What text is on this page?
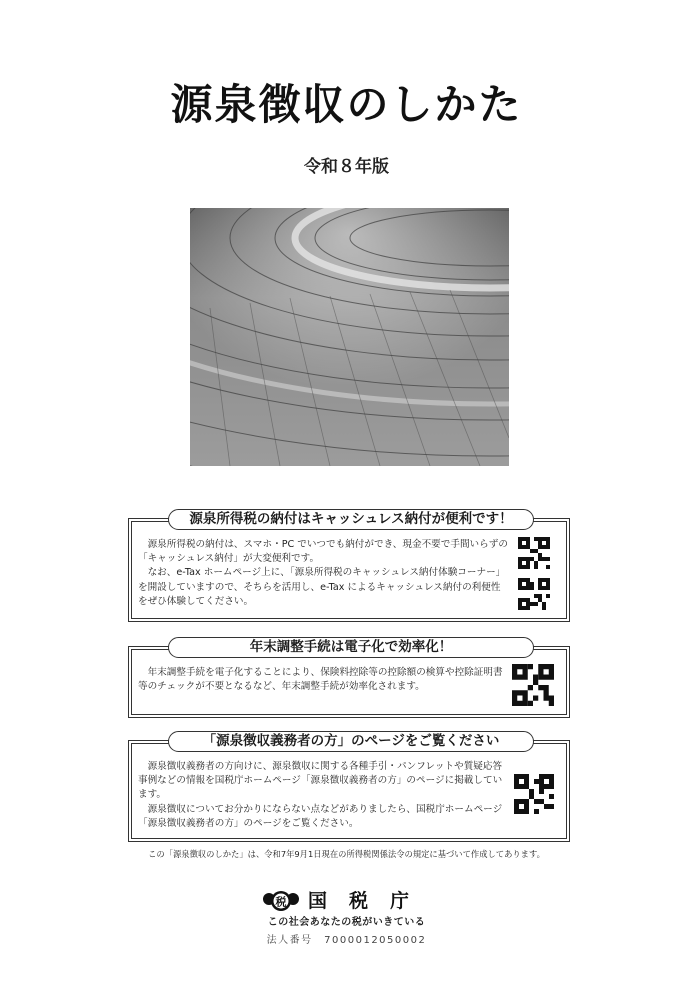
源泉徴収のしかた
令和８年版
源泉所得税の納付はキャッシュレス納付が便利です！

　源泉所得税の納付は、スマホ・PC でいつでも納付ができ、現金不要で手間いらずの「キャッシュレス納付」が大変便利です。

　なお、e-Tax ホームページ上に、「源泉所得税のキャッシュレス納付体験コーナー」を開設していますので、そちらを活用し、e-Tax によるキャッシュレス納付の利便性をぜひ体験してください。

年末調整手続は電子化で効率化！

　年末調整手続を電子化することにより、保険料控除等の控除額の検算や控除証明書等のチェックが不要となるなど、年末調整手続が効率化されます。

「源泉徴収義務者の方」のページをご覧ください

　源泉徴収義務者の方向けに、源泉徴収に関する各種手引・パンフレットや質疑応答事例などの情報を国税庁ホームページ「源泉徴収義務者の方」のページに掲載しています。

　源泉徴収についてお分かりにならない点などがありましたら、国税庁ホームページ「源泉徴収義務者の方」のページをご覧ください。

この「源泉徴収のしかた」は、令和7年9月1日現在の所得税関係法令の規定に基づいて作成してあります。
税 国税庁
この社会あなたの税がいきている
法人番号　7000012050002
